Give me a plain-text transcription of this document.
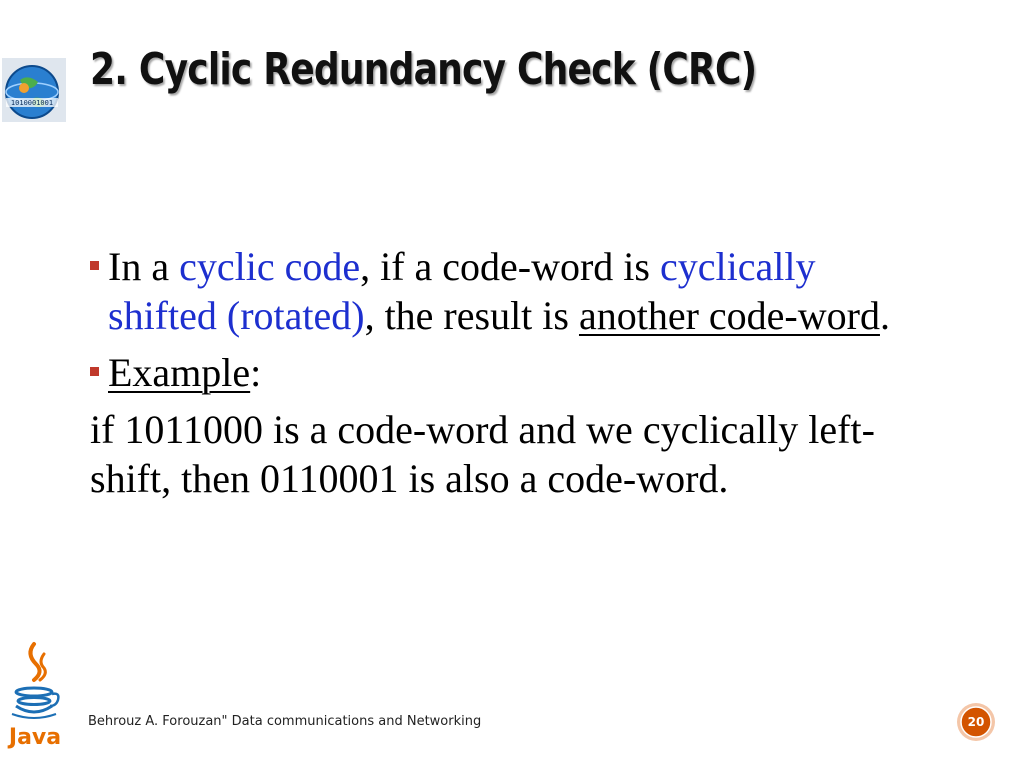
1010001001
2. Cyclic Redundancy Check (CRC)

In a cyclic code, if a code-word is cyclically shifted (rotated), the result is another code-word.

Example:

if 1011000 is a code-word and we cyclically left-shift, then 0110001 is also a code-word.

Java
Behrouz A. Forouzan" Data communications and Networking	20
